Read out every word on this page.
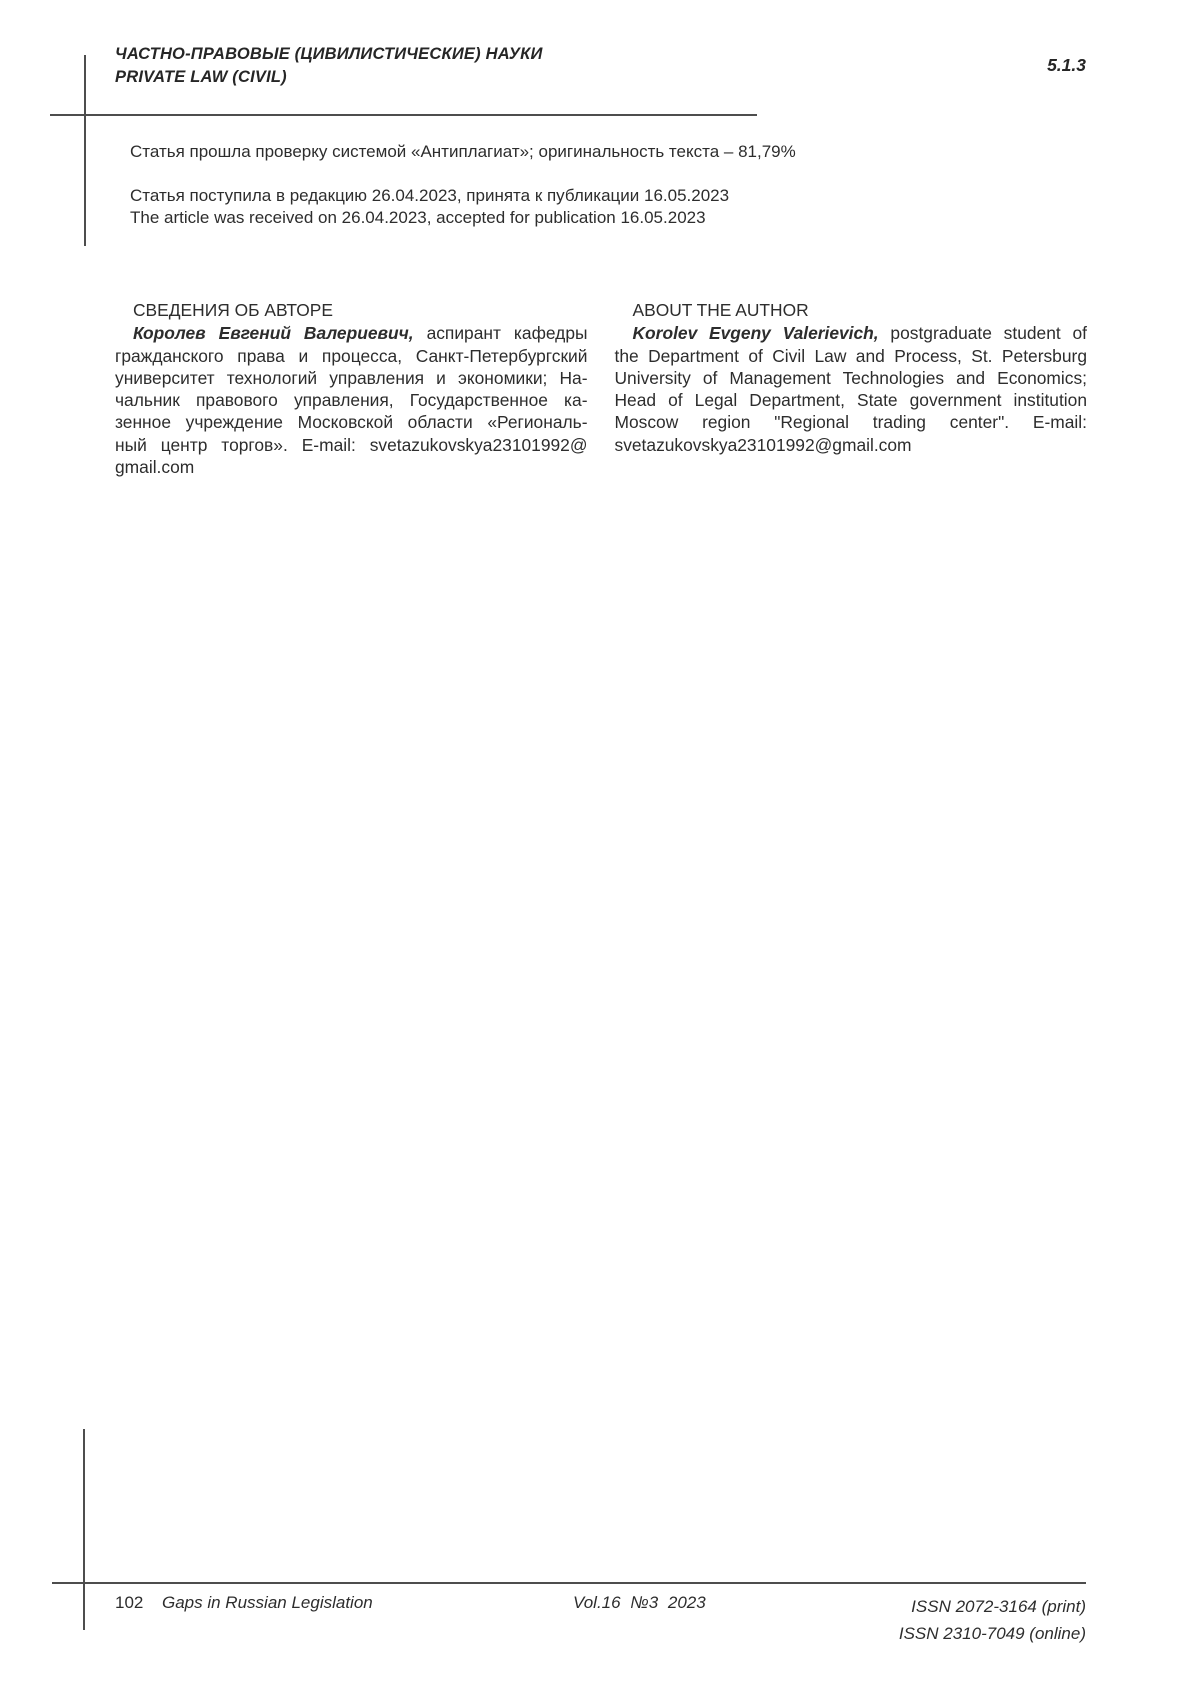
ЧАСТНО-ПРАВОВЫЕ (ЦИВИЛИСТИЧЕСКИЕ) НАУКИ
PRIVATE LAW (CIVIL)
5.1.3
Статья прошла проверку системой «Антиплагиат»; оригинальность текста – 81,79%
Статья поступила в редакцию 26.04.2023, принята к публикации 16.05.2023
The article was received on 26.04.2023, accepted for publication 16.05.2023
СВЕДЕНИЯ ОБ АВТОРЕ
Королев Евгений Валериевич, аспирант кафедры
гражданского права и процесса, Санкт-Петербургский
университет технологий управления и экономики; На-
чальник правового управления, Государственное ка-
зенное учреждение Московской области «Региональ-
ный центр торгов». E-mail: svetazukovskya23101992@
gmail.com
ABOUT THE AUTHOR
Korolev Evgeny Valerievich, postgraduate student of
the Department of Civil Law and Process, St. Petersburg
University of Management Technologies and Economics;
Head of Legal Department, State government institution
Moscow region "Regional trading center". E-mail:
svetazukovskya23101992@gmail.com
102 Gaps in Russian Legislation	Vol.16 №3 2023	ISSN 2072-3164 (print)
ISSN 2310-7049 (online)
